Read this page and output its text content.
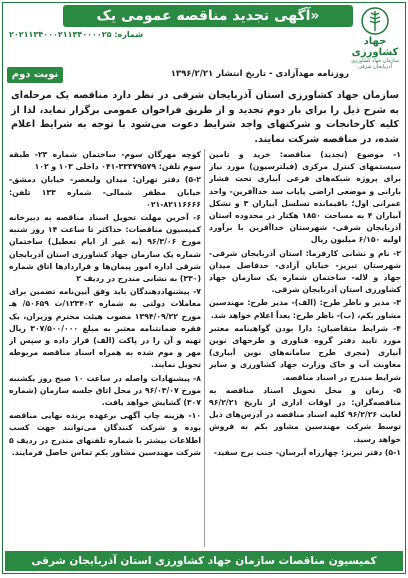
جهاد
کشاورزی
سازمان جهاد کشاورزی آذربایجان شرقی
«آگهی تجدید مناقصه عمومی یک مرحله‌ای»
شماره: ۲۰۲۱۱۳۴۰۰۰۲۱۱۳۴۰۰۰۰۲۵
نوبت دوم	روزنامه مهدآزادی - تاریخ انتشار ۱۳۹۶/۲/۲۱
سازمان جهاد کشاورزی استان آذربایجان شرقی در نظر دارد مناقصه یک مرحله‌ای به شرح ذیل را برای بار دوم تجدید و از طریق فراخوان عمومی برگزار نماید، لذا از کلیه کارخانجات و شرکتهای واجد شرایط دعوت می‌شود با توجه به شرایط اعلام شده، در مناقصه شرکت نمایند.

۱- موضوع (تجدید) مناقصه: خرید و تامین سیستمهای کنترل مرکزی (فیلترسیون) مورد نیاز برای پروژه شبکه‌های فرعی آبیاری تحت فشار بارانی و موضعی اراضی پایاب سد خداآفرین- واحد عمرانی اول؛ باقیمانده تسلسل آبیاران ۳ و تشکل آبیاران ۴ به مساحت ۱۸۵۰ هکتار در محدوده استان آذربایجان شرقی- شهرستان خداآفرین با برآورد اولیه ۶/۱۵۰ میلیون ریال

۲- نام و نشانی کارفرما: استان آذربایجان شرقی- شهرستان تبریز- خیابان آزادی- حدفاصل میدان جهاد و لاله- ساختمان شماره یک سازمان جهاد کشاورزی استان آذربایجان شرقی.

۳- مدیر و ناظر طرح: (الف)- مدیر طرح: مهندسین مشاور بکم، (ب)- ناظر طرح: بعداً اعلام خواهد شد.

۴- شرایط متقاضیان: دارا بودن گواهینامه معتبر مورد تایید دفتر گروه فناوری و طرحهای نوین آبیاری (مجری طرح سامانه‌های نوین آبیاری) معاونت آب و خاک وزارت جهاد کشاورزی و سایر شرایط مندرج در اسناد مناقصه.

۵- زمان و محل تحویل اسناد مناقصه به مناقصه‌گران: در اوقات اداری از تاریخ ۹۶/۲/۲۱ لغایت ۹۶/۲/۲۶ کلیه اسناد مناقصه در آدرس‌های ذیل توسط شرکت مهندسین مشاور بکم به فروش خواهد رسید.

۵-۱) دفتر تبریز: چهارراه آبرسان- جنب برج سفید-

کوچه مهرگان سوم- ساختمان شماره ۲۳- طبقه سوم تلفن: ۳۳۳۷۹۵۷۹-۰۴۱ داخلی ۱۰۳ و ۱۰۲

۵-۲) دفتر تهران: میدان ولیعصر- خیابان دمشق- خیابان مظفر شمالی- شماره ۱۳۳ تلفن: ۸۲۱۱۶۶۶۶-۰۲۱

۶- آخرین مهلت تحویل اسناد مناقصه به دبیرخانه کمیسیون مناقصات: حداکثر تا ساعت ۱۴ روز شنبه مورخ ۹۶/۳/۰۶ (به غیر از ایام تعطیل) ساختمان شماره یک سازمان جهاد کشاورزی استان آذربایجان شرقی اداره امور پیمان‌ها و قراردادها اتاق شماره (۳۳۰) به نشانی مندرج در ردیف ۲

۷- پیشنهاددهندگان باید وفق آیین‌نامه تضمین برای معاملات دولتی به شماره ۱۲۳۴۰۲/ت ۵۰۶۵۹/ هـ مورخ ۱۳۹۴/۰۹/۲۲ مصوب هیئت محترم وزیران، یک فقره ضمانتنامه معتبر به مبلغ ۳۰۷/۵۰۰/۰۰۰ ریال تهیه و آن را در پاکت (الف) قرار داده و سپس از مهر و موم شده به همراه اسناد مناقصه مربوطه تحویل نمایند.

۸- پیشنهادات واصله در ساعت ۱۰ صبح روز یکشنبه مورخ ۹۶/۰۳/۰۷ در محل اتاق جلسه سازمان (شماره ۳۰۷) گشایش خواهد یافت.

۱۰- هزینه چاپ آگهی برعهده برنده نهایی مناقصه بوده و شرکت کنندگان می‌توانند جهت کسب اطلاعات بیشتر با شماره تلفنهای مندرج در ردیف ۵ شرکت مهندسین مشاور بکم تماس حاصل فرمایند.

کمیسیون مناقصات سازمان جهاد کشاورزی استان آذربایجان شرقی
